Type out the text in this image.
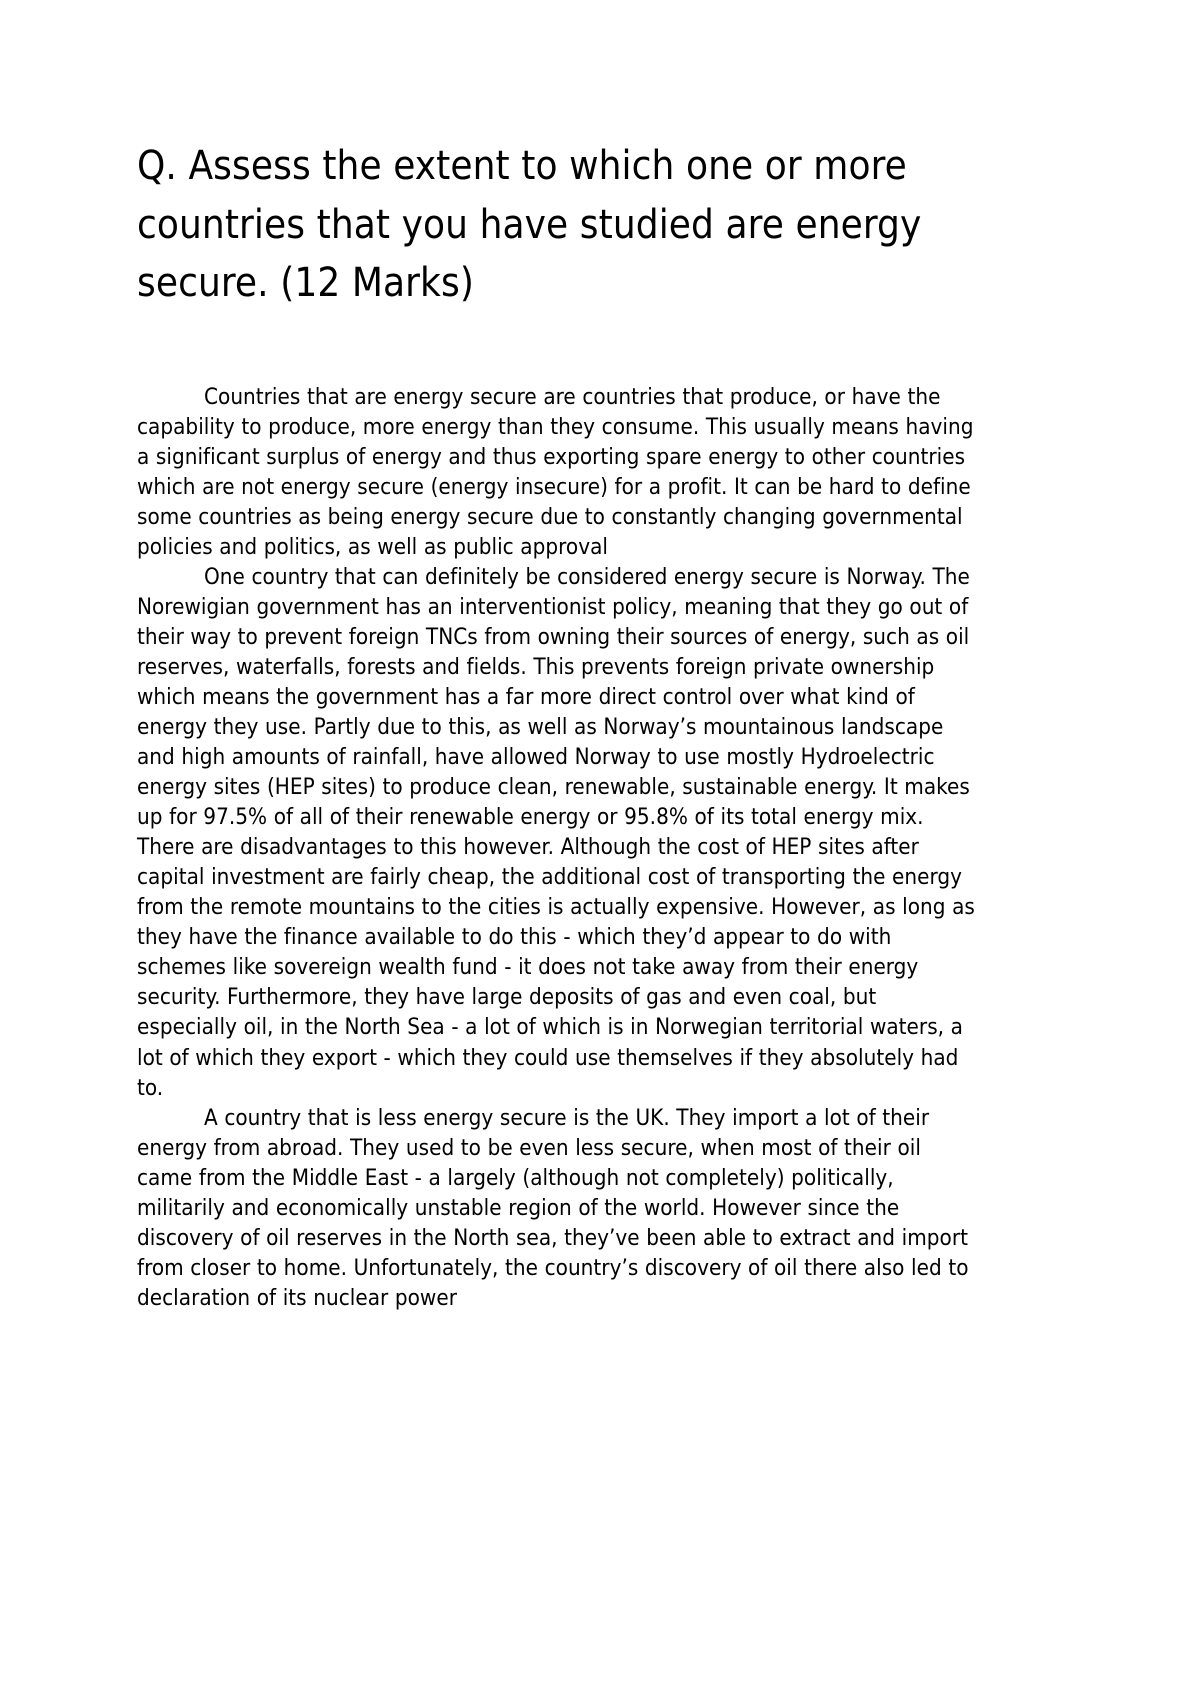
Q. Assess the extent to which one or more countries that you have studied are energy secure. (12 Marks)

Countries that are energy secure are countries that produce, or have the capability to produce, more energy than they consume. This usually means having a significant surplus of energy and thus exporting spare energy to other countries which are not energy secure (energy insecure) for a profit. It can be hard to define some countries as being energy secure due to constantly changing governmental policies and politics, as well as public approval

One country that can definitely be considered energy secure is Norway. The Norewigian government has an interventionist policy, meaning that they go out of their way to prevent foreign TNCs from owning their sources of energy, such as oil reserves, waterfalls, forests and fields. This prevents foreign private ownership which means the government has a far more direct control over what kind of energy they use. Partly due to this, as well as Norway’s mountainous landscape and high amounts of rainfall, have allowed Norway to use mostly Hydroelectric energy sites (HEP sites) to produce clean, renewable, sustainable energy. It makes up for 97.5% of all of their renewable energy or 95.8% of its total energy mix. There are disadvantages to this however. Although the cost of HEP sites after capital investment are fairly cheap, the additional cost of transporting the energy from the remote mountains to the cities is actually expensive. However, as long as they have the finance available to do this - which they’d appear to do with schemes like sovereign wealth fund - it does not take away from their energy security. Furthermore, they have large deposits of gas and even coal, but especially oil, in the North Sea - a lot of which is in Norwegian territorial waters, a lot of which they export - which they could use themselves if they absolutely had to.

A country that is less energy secure is the UK. They import a lot of their energy from abroad. They used to be even less secure, when most of their oil came from the Middle East - a largely (although not completely) politically, militarily and economically unstable region of the world. However since the discovery of oil reserves in the North sea, they’ve been able to extract and import from closer to home. Unfortunately, the country’s discovery of oil there also led to declaration of its nuclear power
